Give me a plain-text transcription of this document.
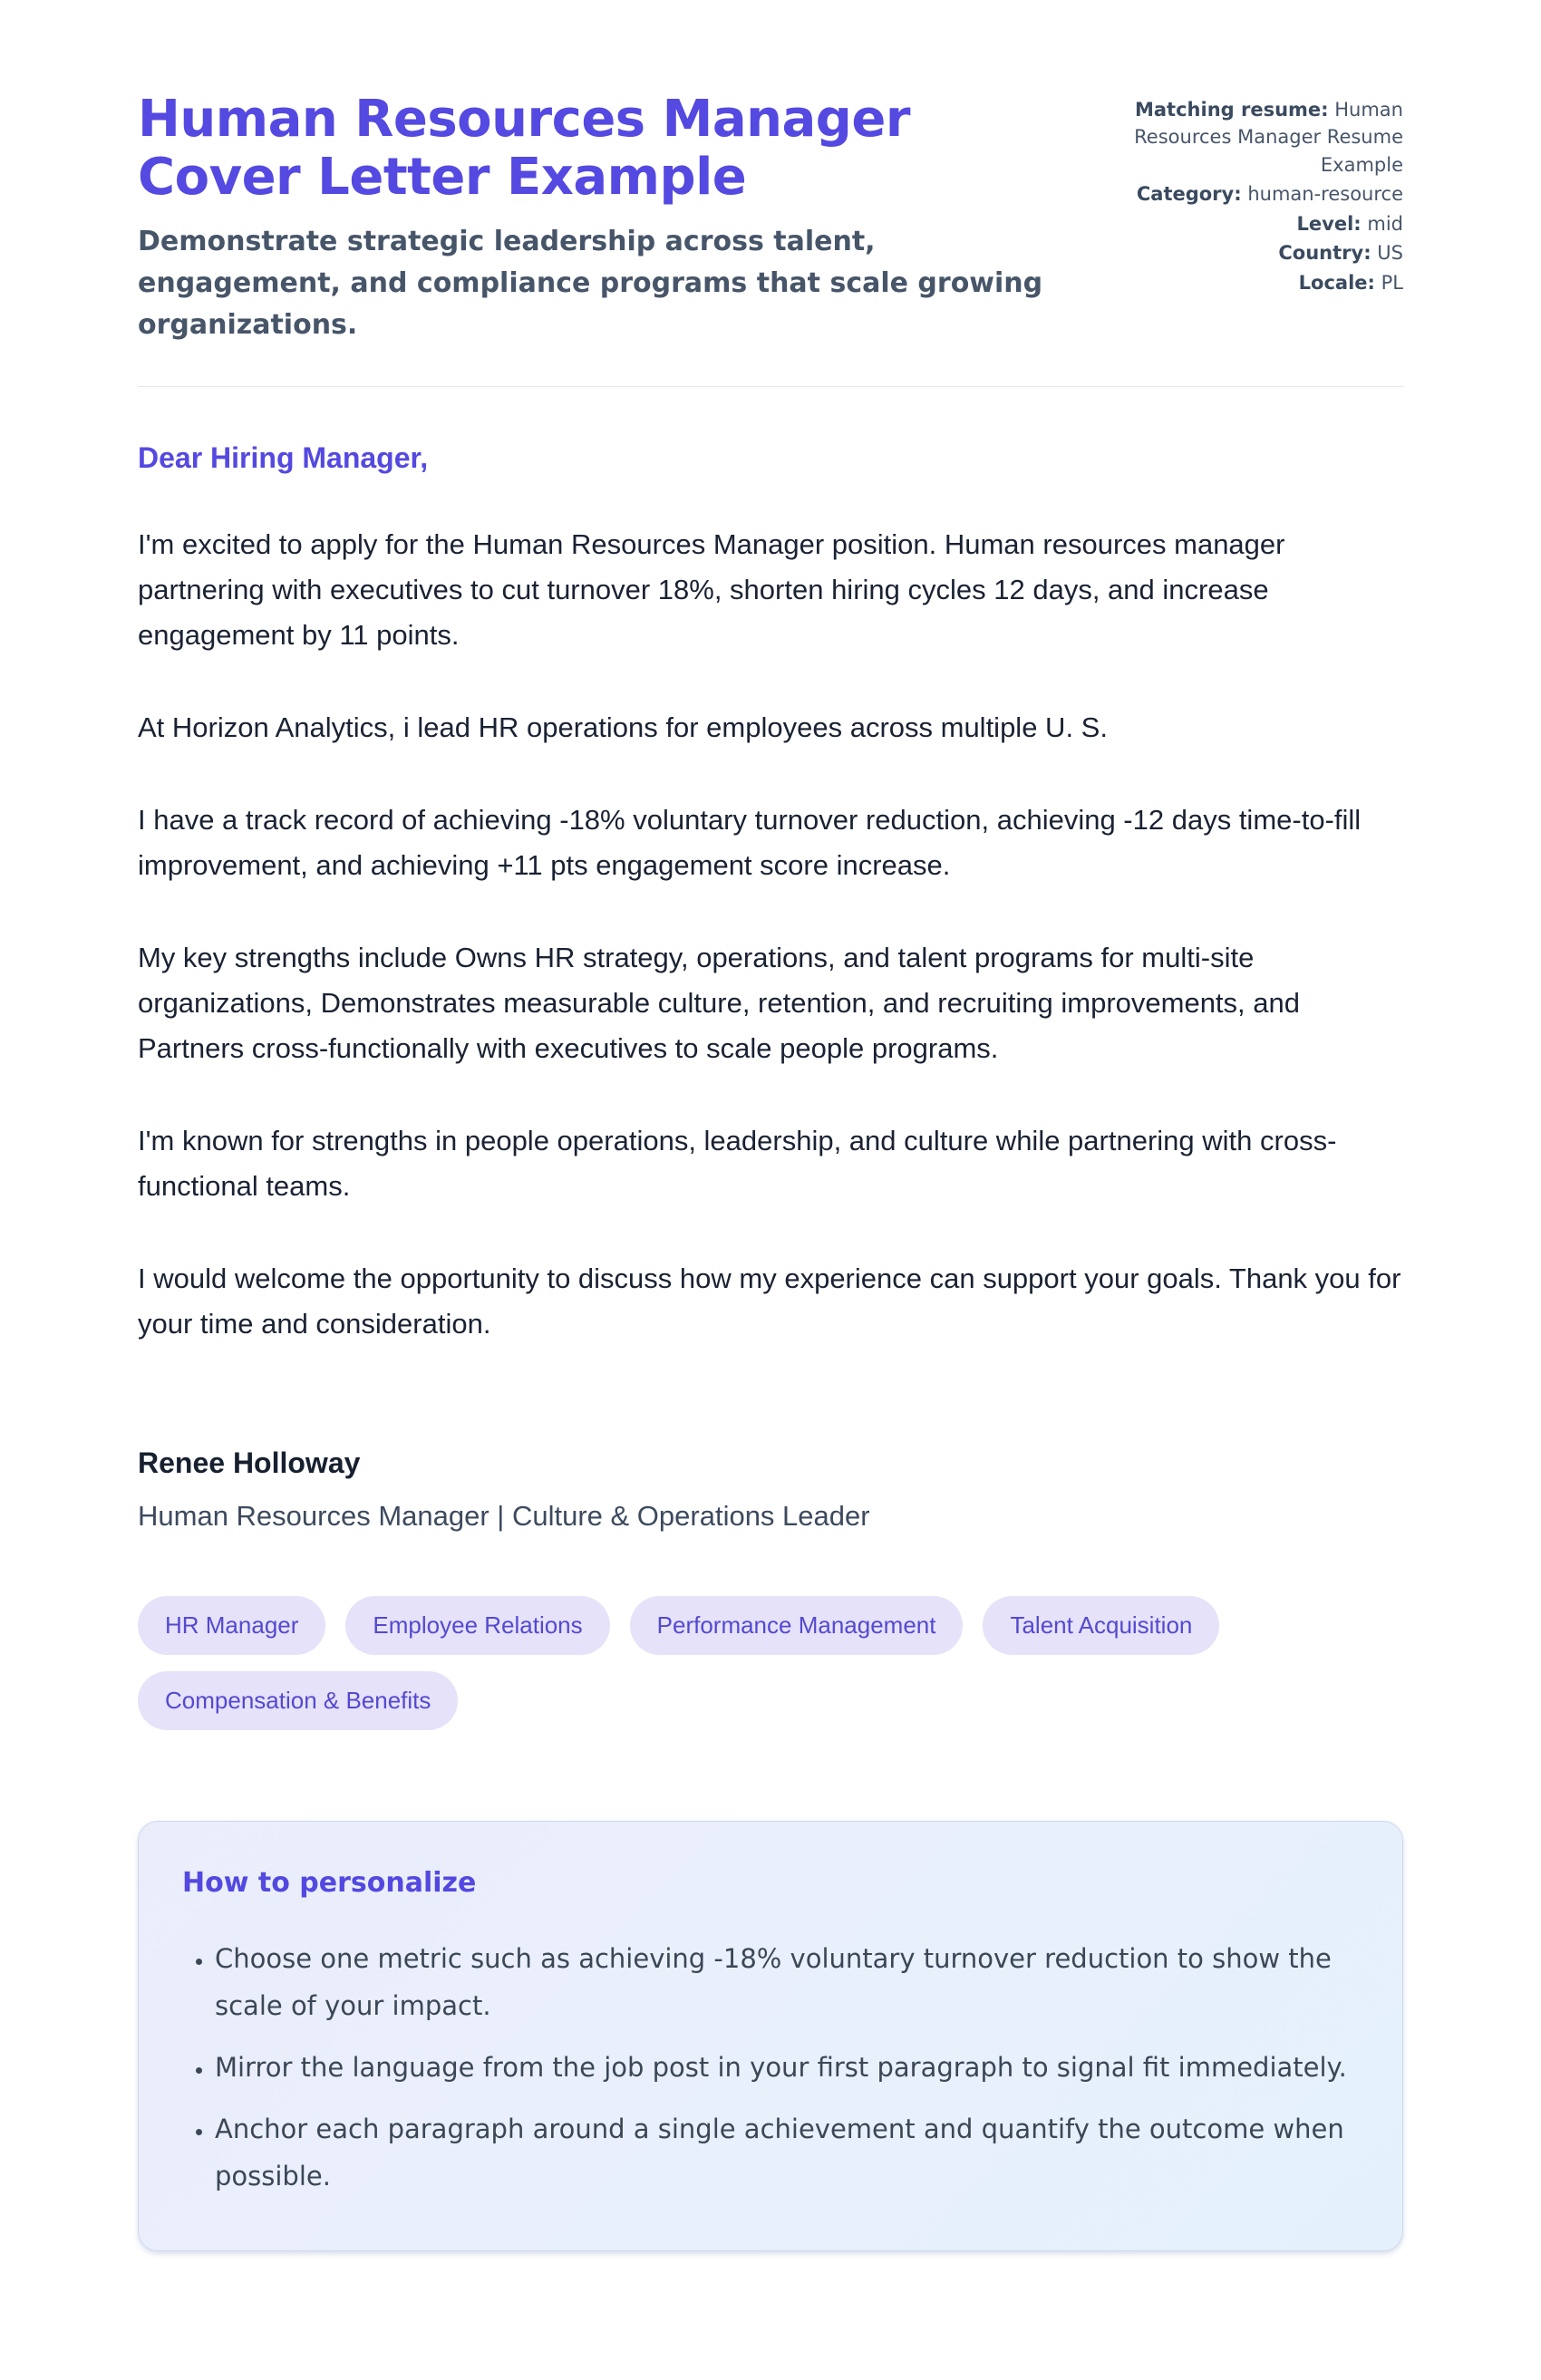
Human Resources Manager Cover Letter Example

Demonstrate strategic leadership across talent, engagement, and compliance programs that scale growing organizations.

Matching resume: Human Resources Manager Resume Example
Category: human-resource
Level: mid
Country: US
Locale: PL
Dear Hiring Manager,

I'm excited to apply for the Human Resources Manager position. Human resources manager partnering with executives to cut turnover 18%, shorten hiring cycles 12 days, and increase engagement by 11 points.

At Horizon Analytics, i lead HR operations for employees across multiple U. S.

I have a track record of achieving -18% voluntary turnover reduction, achieving -12 days time-to-fill improvement, and achieving +11 pts engagement score increase.

My key strengths include Owns HR strategy, operations, and talent programs for multi-site organizations, Demonstrates measurable culture, retention, and recruiting improvements, and Partners cross-functionally with executives to scale people programs.

I'm known for strengths in people operations, leadership, and culture while partnering with cross-functional teams.

I would welcome the opportunity to discuss how my experience can support your goals. Thank you for your time and consideration.

Renee Holloway

Human Resources Manager | Culture & Operations Leader

HR Manager	Employee Relations	Performance Management	Talent Acquisition
Compensation & Benefits
How to personalize
• Choose one metric such as achieving -18% voluntary turnover reduction to show the scale of your impact.
• Mirror the language from the job post in your first paragraph to signal fit immediately.
• Anchor each paragraph around a single achievement and quantify the outcome when possible.
